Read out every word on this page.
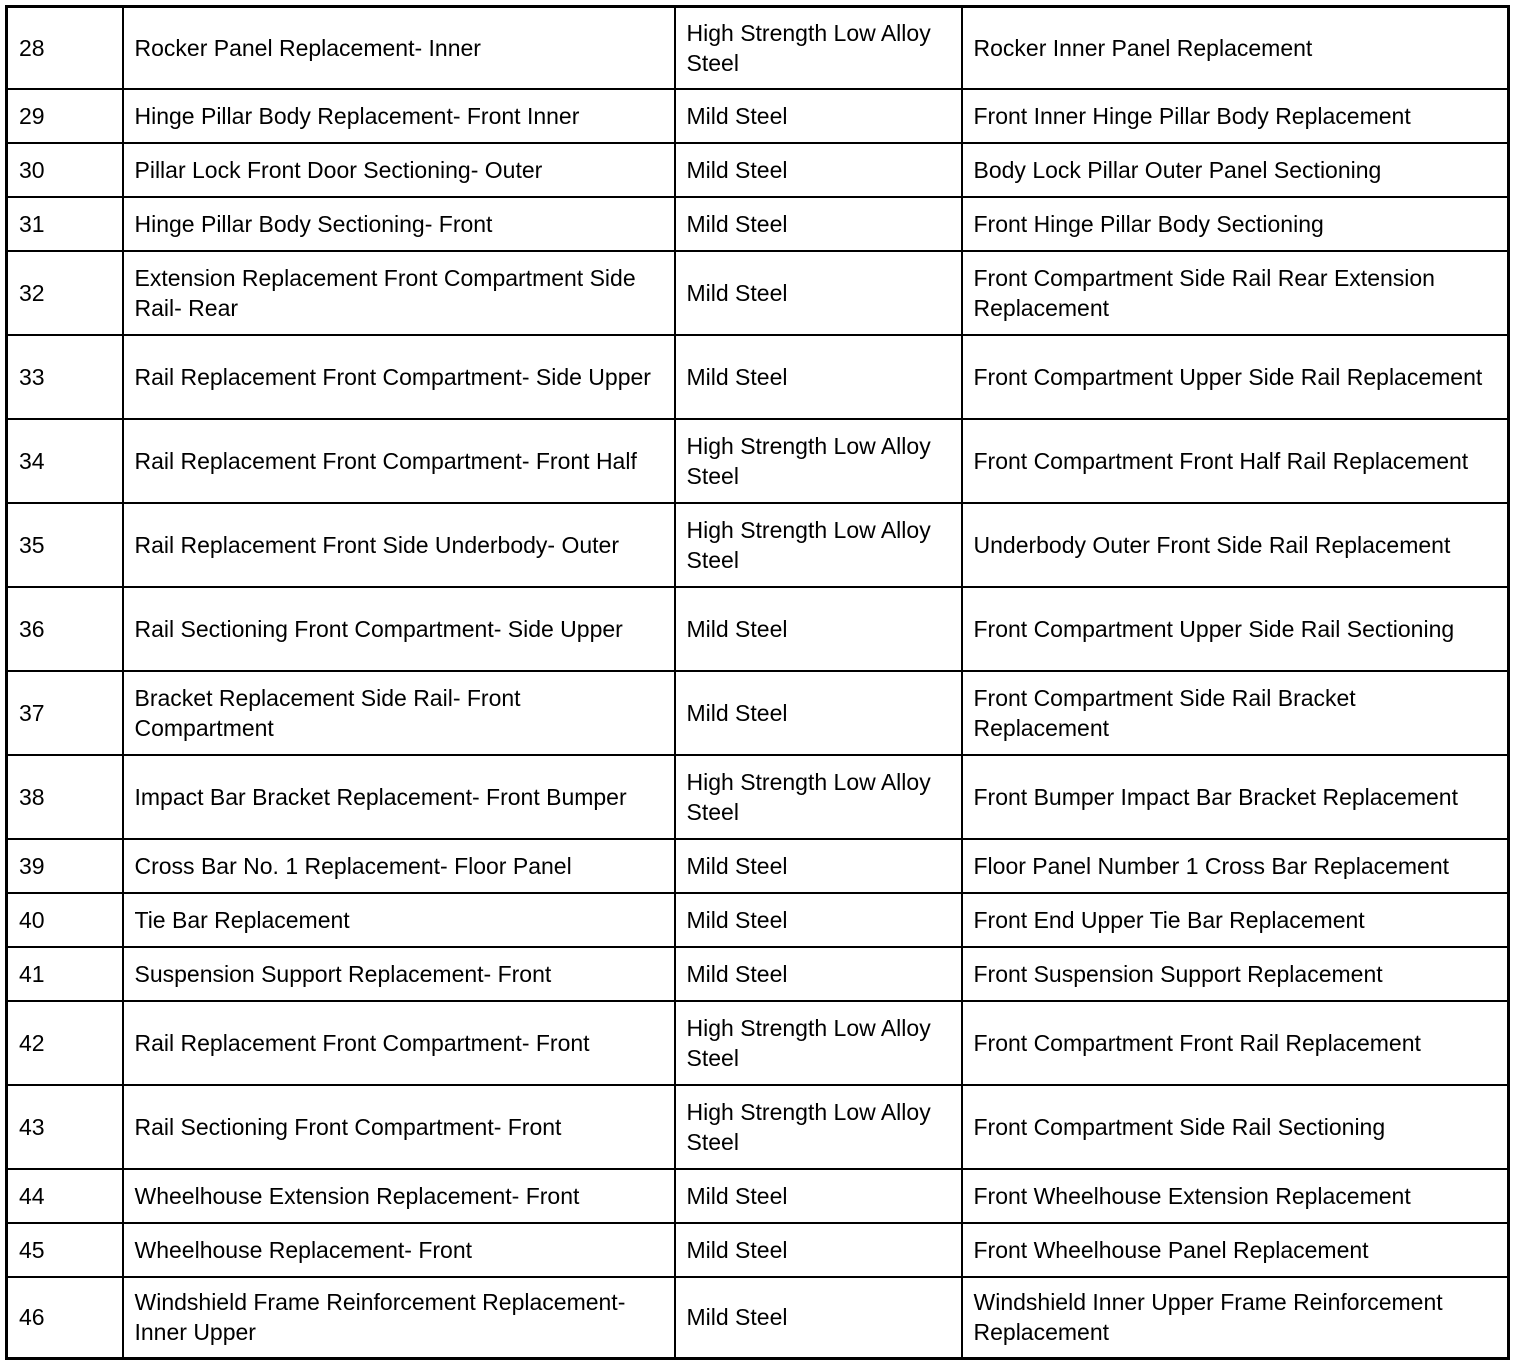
28	Rocker Panel Replacement- Inner	High Strength Low Alloy Steel	Rocker Inner Panel Replacement
29	Hinge Pillar Body Replacement- Front Inner	Mild Steel	Front Inner Hinge Pillar Body Replacement
30	Pillar Lock Front Door Sectioning- Outer	Mild Steel	Body Lock Pillar Outer Panel Sectioning
31	Hinge Pillar Body Sectioning- Front	Mild Steel	Front Hinge Pillar Body Sectioning
32	Extension Replacement Front Compartment Side Rail- Rear	Mild Steel	Front Compartment Side Rail Rear Extension Replacement
33	Rail Replacement Front Compartment- Side Upper	Mild Steel	Front Compartment Upper Side Rail Replacement
34	Rail Replacement Front Compartment- Front Half	High Strength Low Alloy Steel	Front Compartment Front Half Rail Replacement
35	Rail Replacement Front Side Underbody- Outer	High Strength Low Alloy Steel	Underbody Outer Front Side Rail Replacement
36	Rail Sectioning Front Compartment- Side Upper	Mild Steel	Front Compartment Upper Side Rail Sectioning
37	Bracket Replacement Side Rail- Front Compartment	Mild Steel	Front Compartment Side Rail Bracket Replacement
38	Impact Bar Bracket Replacement- Front Bumper	High Strength Low Alloy Steel	Front Bumper Impact Bar Bracket Replacement
39	Cross Bar No. 1 Replacement- Floor Panel	Mild Steel	Floor Panel Number 1 Cross Bar Replacement
40	Tie Bar Replacement	Mild Steel	Front End Upper Tie Bar Replacement
41	Suspension Support Replacement- Front	Mild Steel	Front Suspension Support Replacement
42	Rail Replacement Front Compartment- Front	High Strength Low Alloy Steel	Front Compartment Front Rail Replacement
43	Rail Sectioning Front Compartment- Front	High Strength Low Alloy Steel	Front Compartment Side Rail Sectioning
44	Wheelhouse Extension Replacement- Front	Mild Steel	Front Wheelhouse Extension Replacement
45	Wheelhouse Replacement- Front	Mild Steel	Front Wheelhouse Panel Replacement
46	Windshield Frame Reinforcement Replacement- Inner Upper	Mild Steel	Windshield Inner Upper Frame Reinforcement Replacement
